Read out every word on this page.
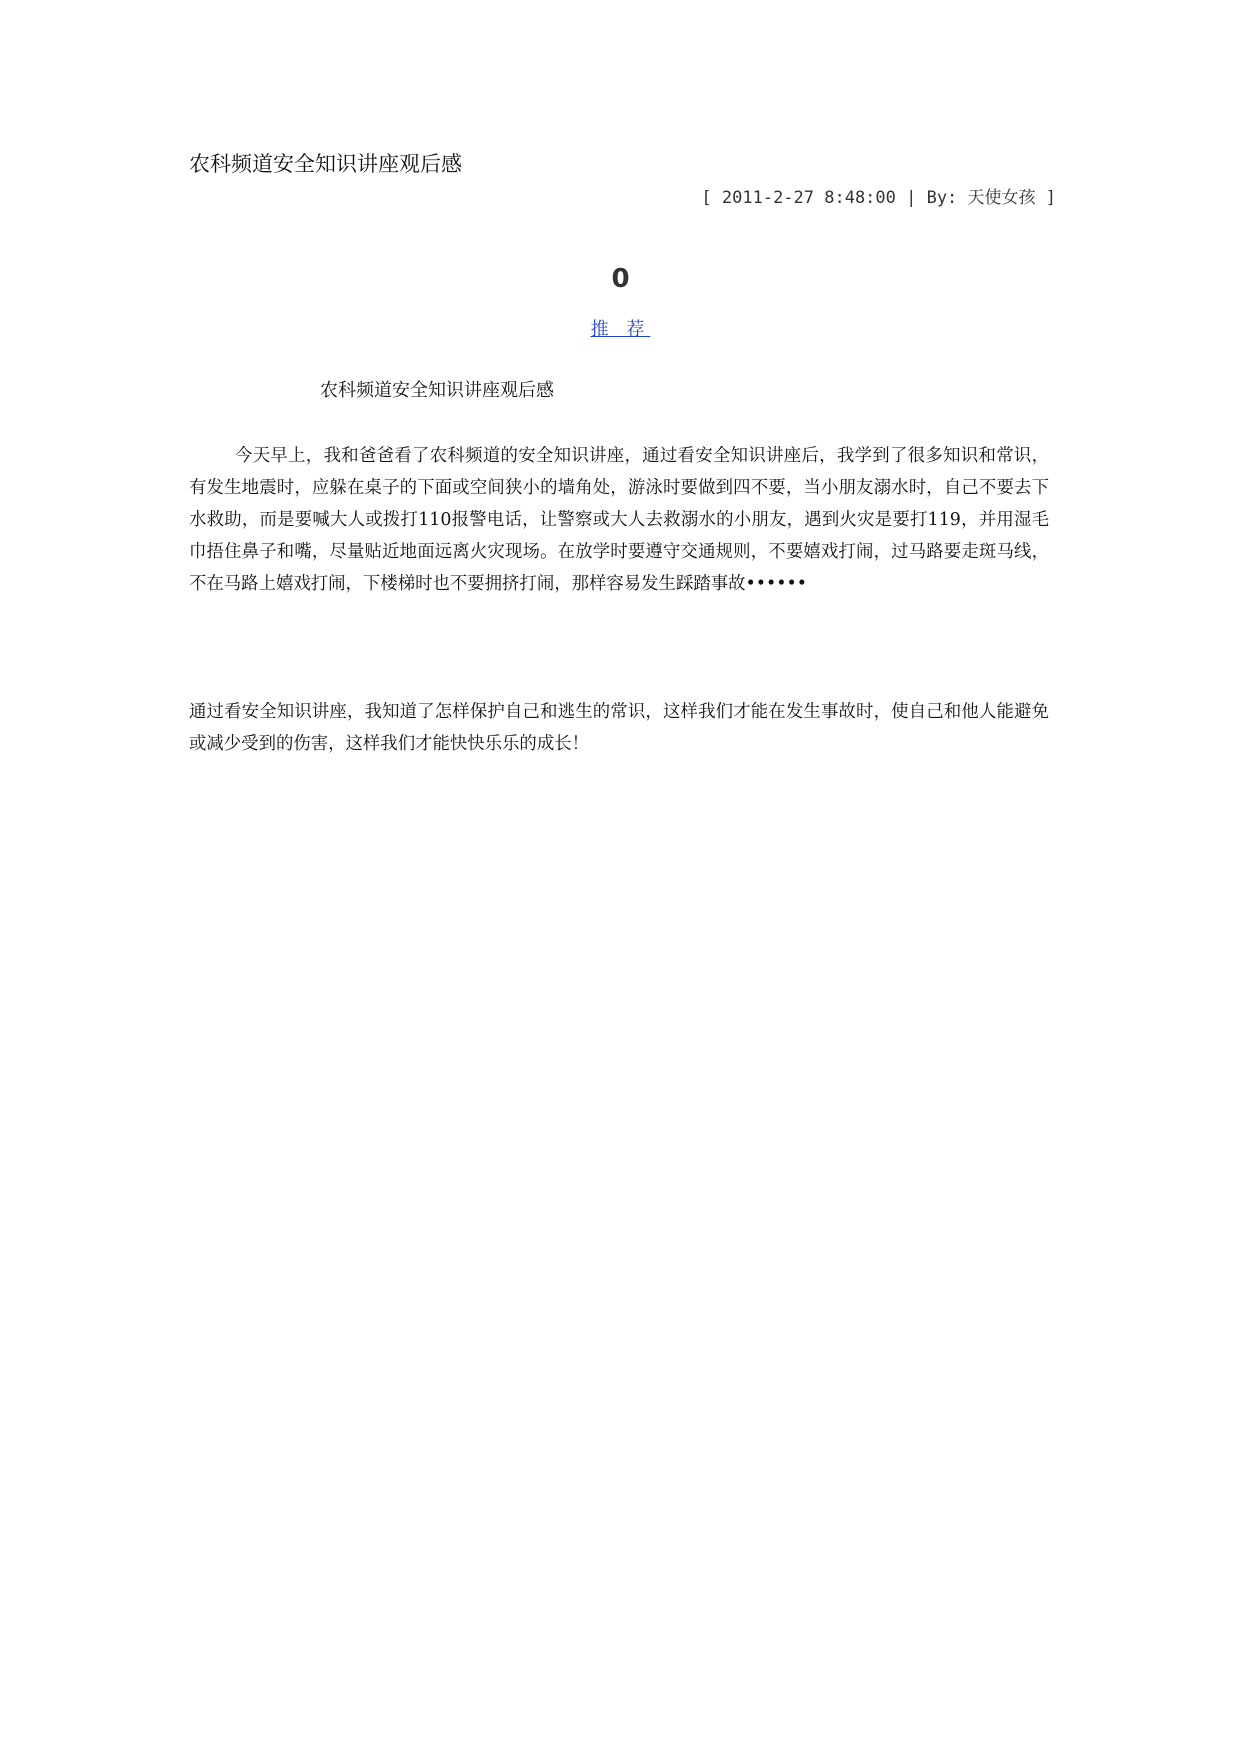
农科频道安全知识讲座观后感
[ 2011-2-27 8:48:00 | By: 天使女孩 ]
0
推 荐
农科频道安全知识讲座观后感
今天早上，我和爸爸看了农科频道的安全知识讲座，通过看安全知识讲座后，我学到了很多知识和常识，有发生地震时，应躲在桌子的下面或空间狭小的墙角处，游泳时要做到四不要，当小朋友溺水时，自己不要去下水救助，而是要喊大人或拨打110报警电话，让警察或大人去救溺水的小朋友，遇到火灾是要打119，并用湿毛巾捂住鼻子和嘴，尽量贴近地面远离火灾现场。在放学时要遵守交通规则，不要嬉戏打闹，过马路要走斑马线，不在马路上嬉戏打闹，下楼梯时也不要拥挤打闹，那样容易发生踩踏事故••••••
通过看安全知识讲座，我知道了怎样保护自己和逃生的常识，这样我们才能在发生事故时，使自己和他人能避免或减少受到的伤害，这样我们才能快快乐乐的成长！
